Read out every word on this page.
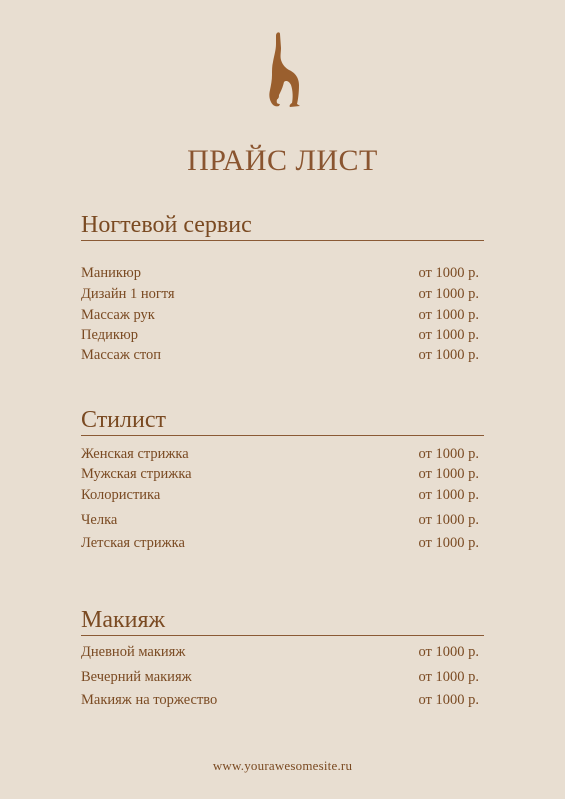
ПРАЙС ЛИСТ
Ногтевой сервис
Маникюр	от 1000 р.
Дизайн 1 ногтя	от 1000 р.
Массаж рук	от 1000 р.
Педикюр	от 1000 р.
Массаж стоп	от 1000 р.
Стилист
Женская стрижка	от 1000 р.
Мужская стрижка	от 1000 р.
Колористика	от 1000 р.
Челка	от 1000 р.
Летская стрижка	от 1000 р.
Макияж
Дневной макияж	от 1000 р.
Вечерний макияж	от 1000 р.
Макияж на торжество	от 1000 р.
www.yourawesomesite.ru
